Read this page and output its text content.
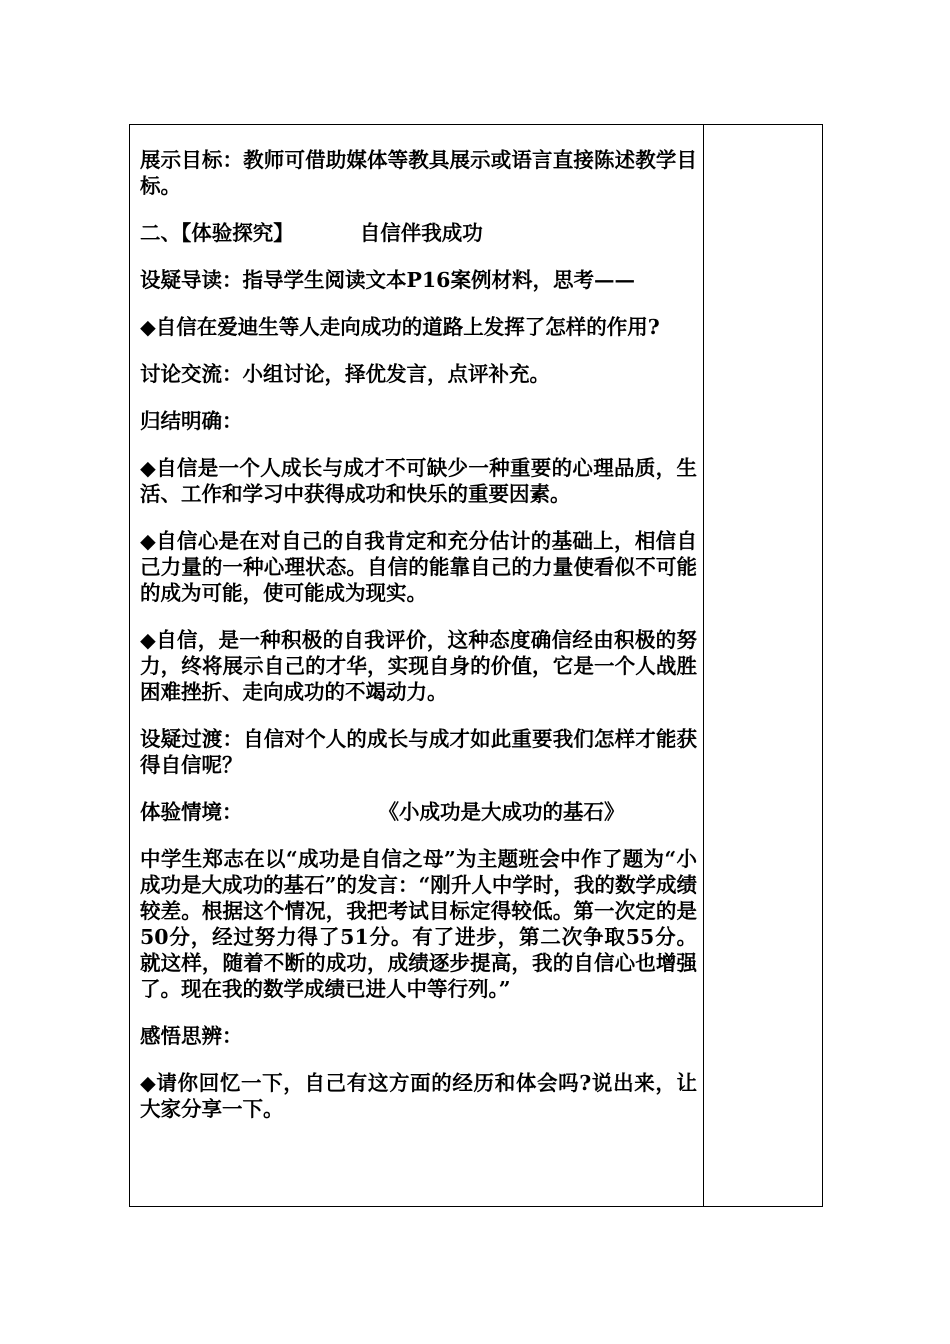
展示目标：教师可借助媒体等教具展示或语言直接陈述教学目标。

二、【体验探究】	自信伴我成功

设疑导读：指导学生阅读文本P16案例材料，思考——

◆自信在爱迪生等人走向成功的道路上发挥了怎样的作用?

讨论交流：小组讨论，择优发言，点评补充。

归结明确：

◆自信是一个人成长与成才不可缺少一种重要的心理品质，生活、工作和学习中获得成功和快乐的重要因素。

◆自信心是在对自己的自我肯定和充分估计的基础上，相信自己力量的一种心理状态。自信的能靠自己的力量使看似不可能的成为可能，使可能成为现实。

◆自信，是一种积极的自我评价，这种态度确信经由积极的努力，终将展示自己的才华，实现自身的价值，它是一个人战胜困难挫折、走向成功的不竭动力。

设疑过渡：自信对个人的成长与成才如此重要我们怎样才能获得自信呢？

体验情境：	《小成功是大成功的基石》

中学生郑志在以“成功是自信之母”为主题班会中作了题为“小成功是大成功的基石”的发言：“刚升人中学时，我的数学成绩较差。根据这个情况，我把考试目标定得较低。第一次定的是50分，经过努力得了51分。有了进步，第二次争取55分。就这样，随着不断的成功，成绩逐步提高，我的自信心也增强了。现在我的数学成绩已进人中等行列。”

感悟思辨：

◆请你回忆一下，自己有这方面的经历和体会吗?说出来，让大家分享一下。
